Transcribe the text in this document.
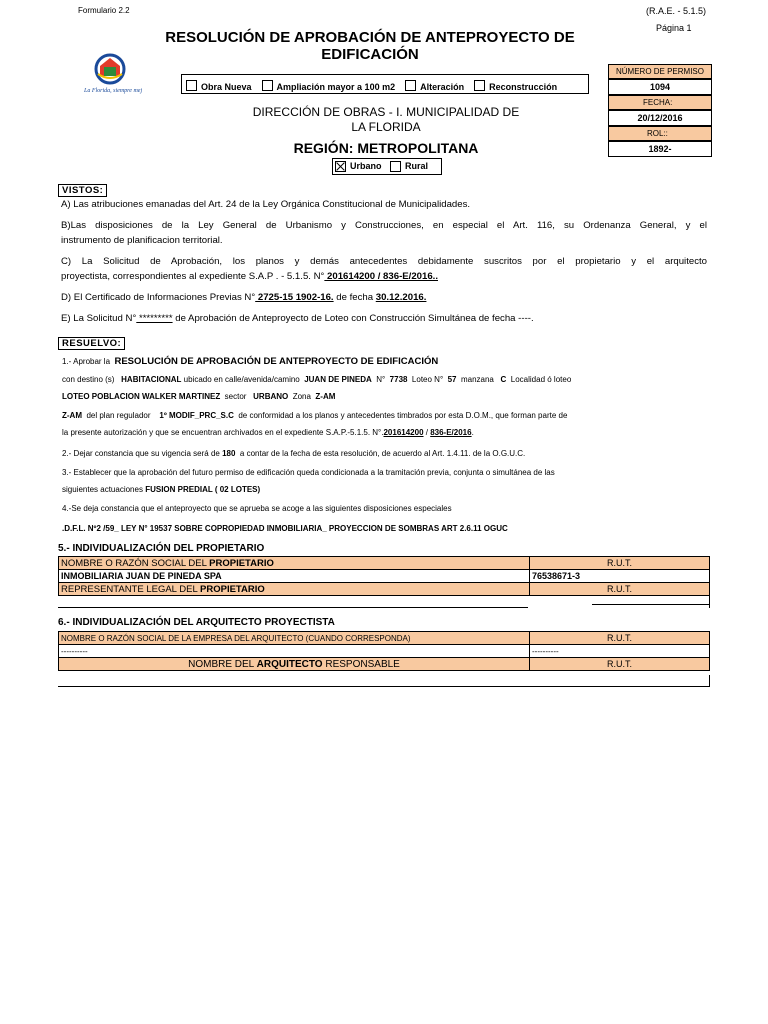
Formulario 2.2	(R.A.E. - 5.1.5)
Página 1
RESOLUCIÓN DE APROBACIÓN DE ANTEPROYECTO DE
EDIFICACIÓN
La Florida, siempre mejor	Obra Nueva	Ampliación mayor a 100 m2	Alteración	Reconstrucción
DIRECCIÓN DE OBRAS - I. MUNICIPALIDAD DE
LA FLORIDA
REGIÓN: METROPOLITANA
Urbano	Rural
NÚMERO DE PERMISO
1094
FECHA:
20/12/2016
ROL::
1892-
VISTOS:
A) Las atribuciones emanadas del Art. 24 de la Ley Orgánica Constitucional de Municipalidades.
B)Las disposiciones de la Ley General de Urbanismo y Construcciones, en especial el Art. 116, su Ordenanza General, y el
instrumento de planificacion territorial.
C) La Solicitud de Aprobación, los planos y demás antecedentes debidamente suscritos por el propietario y el arquitecto
proyectista, correspondientes al expediente S.A.P . - 5.1.5. N° 201614200 / 836-E/2016..
D) El Certificado de Informaciones Previas N° 2725-15 1902-16. de fecha 30.12.2016.
E) La Solicitud N° ********* de Aprobación de Anteproyecto de Loteo con Construcción Simultánea de fecha ----.
RESUELVO:
1.- Aprobar la RESOLUCIÓN DE APROBACIÓN DE ANTEPROYECTO DE EDIFICACIÓN
con destino (s) HABITACIONAL ubicado en calle/avenida/camino JUAN DE PINEDA N° 7738 Loteo N° 57 manzana C Localidad ó loteo
LOTEO POBLACION WALKER MARTINEZ sector URBANO Zona Z-AM
Z-AM del plan regulador 1º MODIF_PRC_S.C de conformidad a los planos y antecedentes timbrados por esta D.O.M., que forman parte de
la presente autorización y que se encuentran archivados en el expediente S.A.P.-5.1.5. N°.201614200 / 836-E/2016.
2.- Dejar constancia que su vigencia será de 180 a contar de la fecha de esta resolución, de acuerdo al Art. 1.4.11. de la O.G.U.C.
3.- Establecer que la aprobación del futuro permiso de edificación queda condicionada a la tramitación previa, conjunta o simultánea de las
siguientes actuaciones FUSION PREDIAL ( 02 LOTES)
4.-Se deja constancia que el anteproyecto que se aprueba se acoge a las siguientes disposiciones especiales
.D.F.L. Nº2 /59_ LEY N° 19537 SOBRE COPROPIEDAD INMOBILIARIA_ PROYECCION DE SOMBRAS ART 2.6.11 OGUC
5.- INDIVIDUALIZACIÓN DEL PROPIETARIO
NOMBRE O RAZÓN SOCIAL DEL PROPIETARIO	R.U.T.
INMOBILIARIA JUAN DE PINEDA SPA	76538671-3
REPRESENTANTE LEGAL DEL PROPIETARIO	R.U.T.
6.- INDIVIDUALIZACIÓN DEL ARQUITECTO PROYECTISTA
NOMBRE O RAZÓN SOCIAL DE LA EMPRESA DEL ARQUITECTO (CUANDO CORRESPONDA)	R.U.T.
----------	----------
NOMBRE DEL ARQUITECTO RESPONSABLE	R.U.T.
